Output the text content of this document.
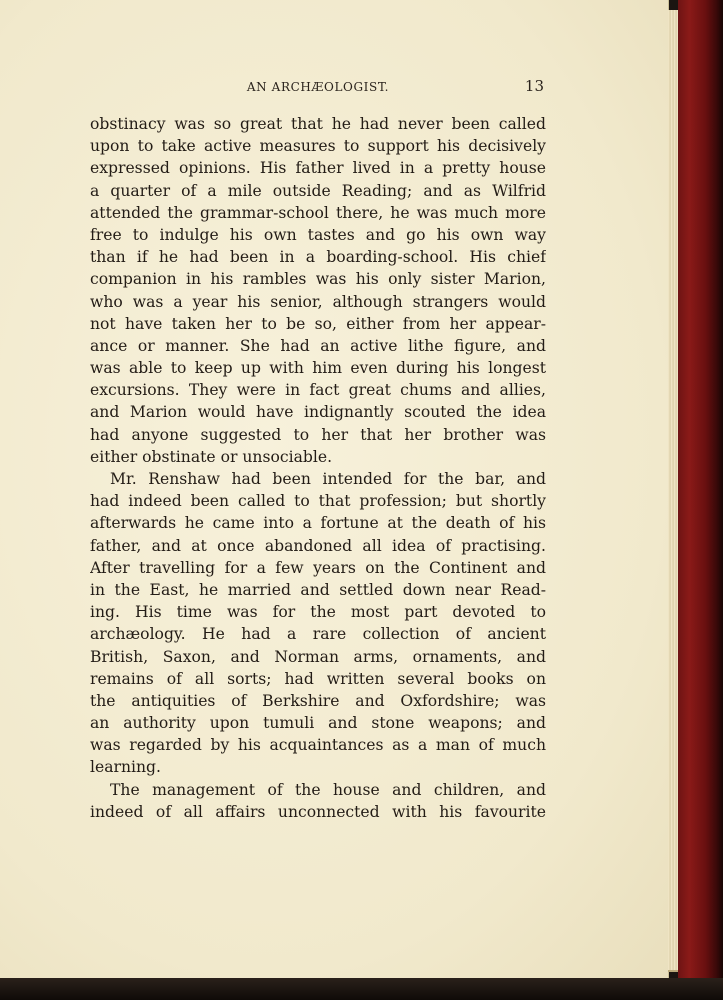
AN ARCHÆOLOGIST.	13
obstinacy was so great that he had never been called
upon to take active measures to support his decisively
expressed opinions. His father lived in a pretty house
a quarter of a mile outside Reading; and as Wilfrid
attended the grammar-school there, he was much more
free to indulge his own tastes and go his own way
than if he had been in a boarding-school. His chief
companion in his rambles was his only sister Marion,
who was a year his senior, although strangers would
not have taken her to be so, either from her appear-
ance or manner. She had an active lithe figure, and
was able to keep up with him even during his longest
excursions. They were in fact great chums and allies,
and Marion would have indignantly scouted the idea
had anyone suggested to her that her brother was
either obstinate or unsociable.
Mr. Renshaw had been intended for the bar, and
had indeed been called to that profession; but shortly
afterwards he came into a fortune at the death of his
father, and at once abandoned all idea of practising.
After travelling for a few years on the Continent and
in the East, he married and settled down near Read-
ing. His time was for the most part devoted to
archæology. He had a rare collection of ancient
British, Saxon, and Norman arms, ornaments, and
remains of all sorts; had written several books on
the antiquities of Berkshire and Oxfordshire; was
an authority upon tumuli and stone weapons; and
was regarded by his acquaintances as a man of much
learning.
The management of the house and children, and
indeed of all affairs unconnected with his favourite
